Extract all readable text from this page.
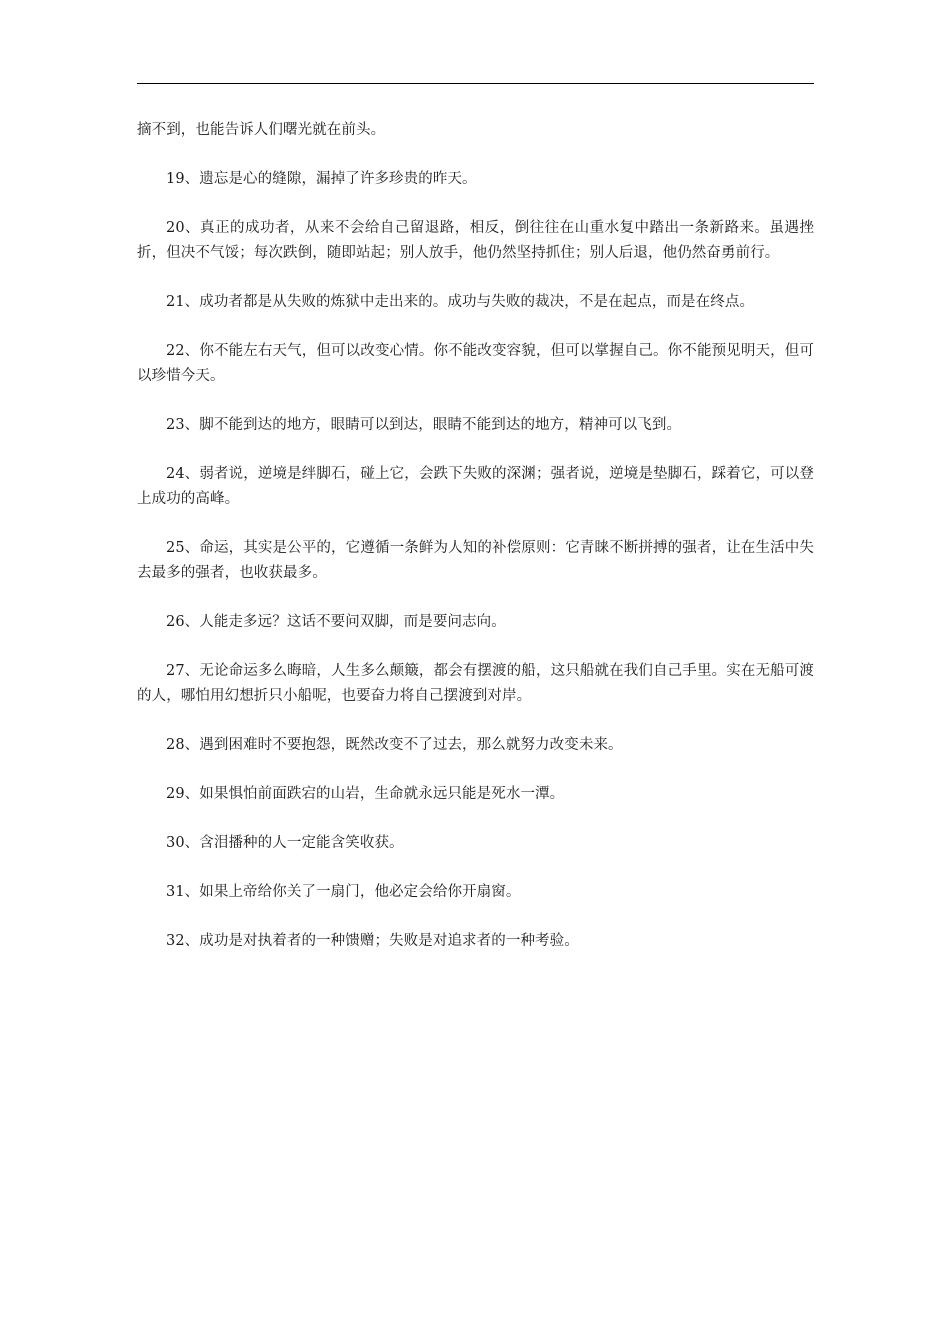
摘不到，也能告诉人们曙光就在前头。

19、遗忘是心的缝隙，漏掉了许多珍贵的昨天。

20、真正的成功者，从来不会给自己留退路，相反，倒往往在山重水复中踏出一条新路来。虽遇挫折，但决不气馁；每次跌倒，随即站起；别人放手，他仍然坚持抓住；别人后退，他仍然奋勇前行。

21、成功者都是从失败的炼狱中走出来的。成功与失败的裁决，不是在起点，而是在终点。

22、你不能左右天气，但可以改变心情。你不能改变容貌，但可以掌握自己。你不能预见明天，但可以珍惜今天。

23、脚不能到达的地方，眼睛可以到达，眼睛不能到达的地方，精神可以飞到。

24、弱者说，逆境是绊脚石，碰上它，会跌下失败的深渊；强者说，逆境是垫脚石，踩着它，可以登上成功的高峰。

25、命运，其实是公平的，它遵循一条鲜为人知的补偿原则：它青睐不断拼搏的强者，让在生活中失去最多的强者，也收获最多。

26、人能走多远？这话不要问双脚，而是要问志向。

27、无论命运多么晦暗，人生多么颠簸，都会有摆渡的船，这只船就在我们自己手里。实在无船可渡的人，哪怕用幻想折只小船呢，也要奋力将自己摆渡到对岸。

28、遇到困难时不要抱怨，既然改变不了过去，那么就努力改变未来。

29、如果惧怕前面跌宕的山岩，生命就永远只能是死水一潭。

30、含泪播种的人一定能含笑收获。

31、如果上帝给你关了一扇门，他必定会给你开扇窗。

32、成功是对执着者的一种馈赠；失败是对追求者的一种考验。
